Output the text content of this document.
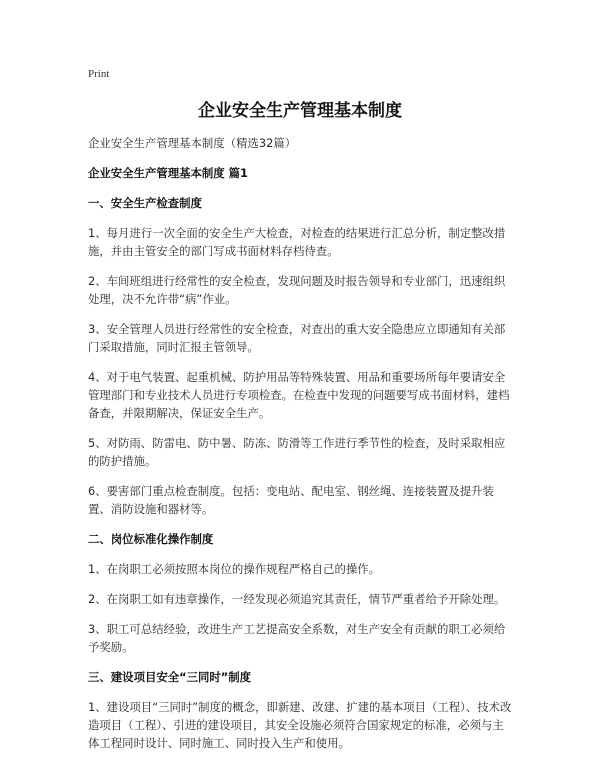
Print
企业安全生产管理基本制度
企业安全生产管理基本制度（精选32篇）
企业安全生产管理基本制度 篇1
一、安全生产检查制度
1、每月进行一次全面的安全生产大检查，对检查的结果进行汇总分析，制定整改措施，并由主管安全的部门写成书面材料存档待查。
2、车间班组进行经常性的安全检查，发现问题及时报告领导和专业部门，迅速组织处理，决不允许带“病”作业。
3、安全管理人员进行经常性的安全检查，对查出的重大安全隐患应立即通知有关部门采取措施，同时汇报主管领导。
4、对于电气装置、起重机械、防护用品等特殊装置、用品和重要场所每年要请安全管理部门和专业技术人员进行专项检查。在检查中发现的问题要写成书面材料，建档备查，并限期解决，保证安全生产。
5、对防雨、防雷电、防中暑、防冻、防滑等工作进行季节性的检查，及时采取相应的防护措施。
6、要害部门重点检查制度。包括：变电站、配电室、钢丝绳、连接装置及提升装置、消防设施和器材等。
二、岗位标准化操作制度
1、在岗职工必须按照本岗位的操作规程严格自己的操作。
2、在岗职工如有违章操作，一经发现必须追究其责任，情节严重者给予开除处理。
3、职工可总结经验，改进生产工艺提高安全系数，对生产安全有贡献的职工必须给予奖励。
三、建设项目安全“三同时”制度
1、建设项目“三同时”制度的概念，即新建、改建、扩建的基本项目（工程）、技术改造项目（工程）、引进的建设项目，其安全设施必须符合国家规定的标准，必须与主体工程同时设计、同时施工、同时投入生产和使用。
